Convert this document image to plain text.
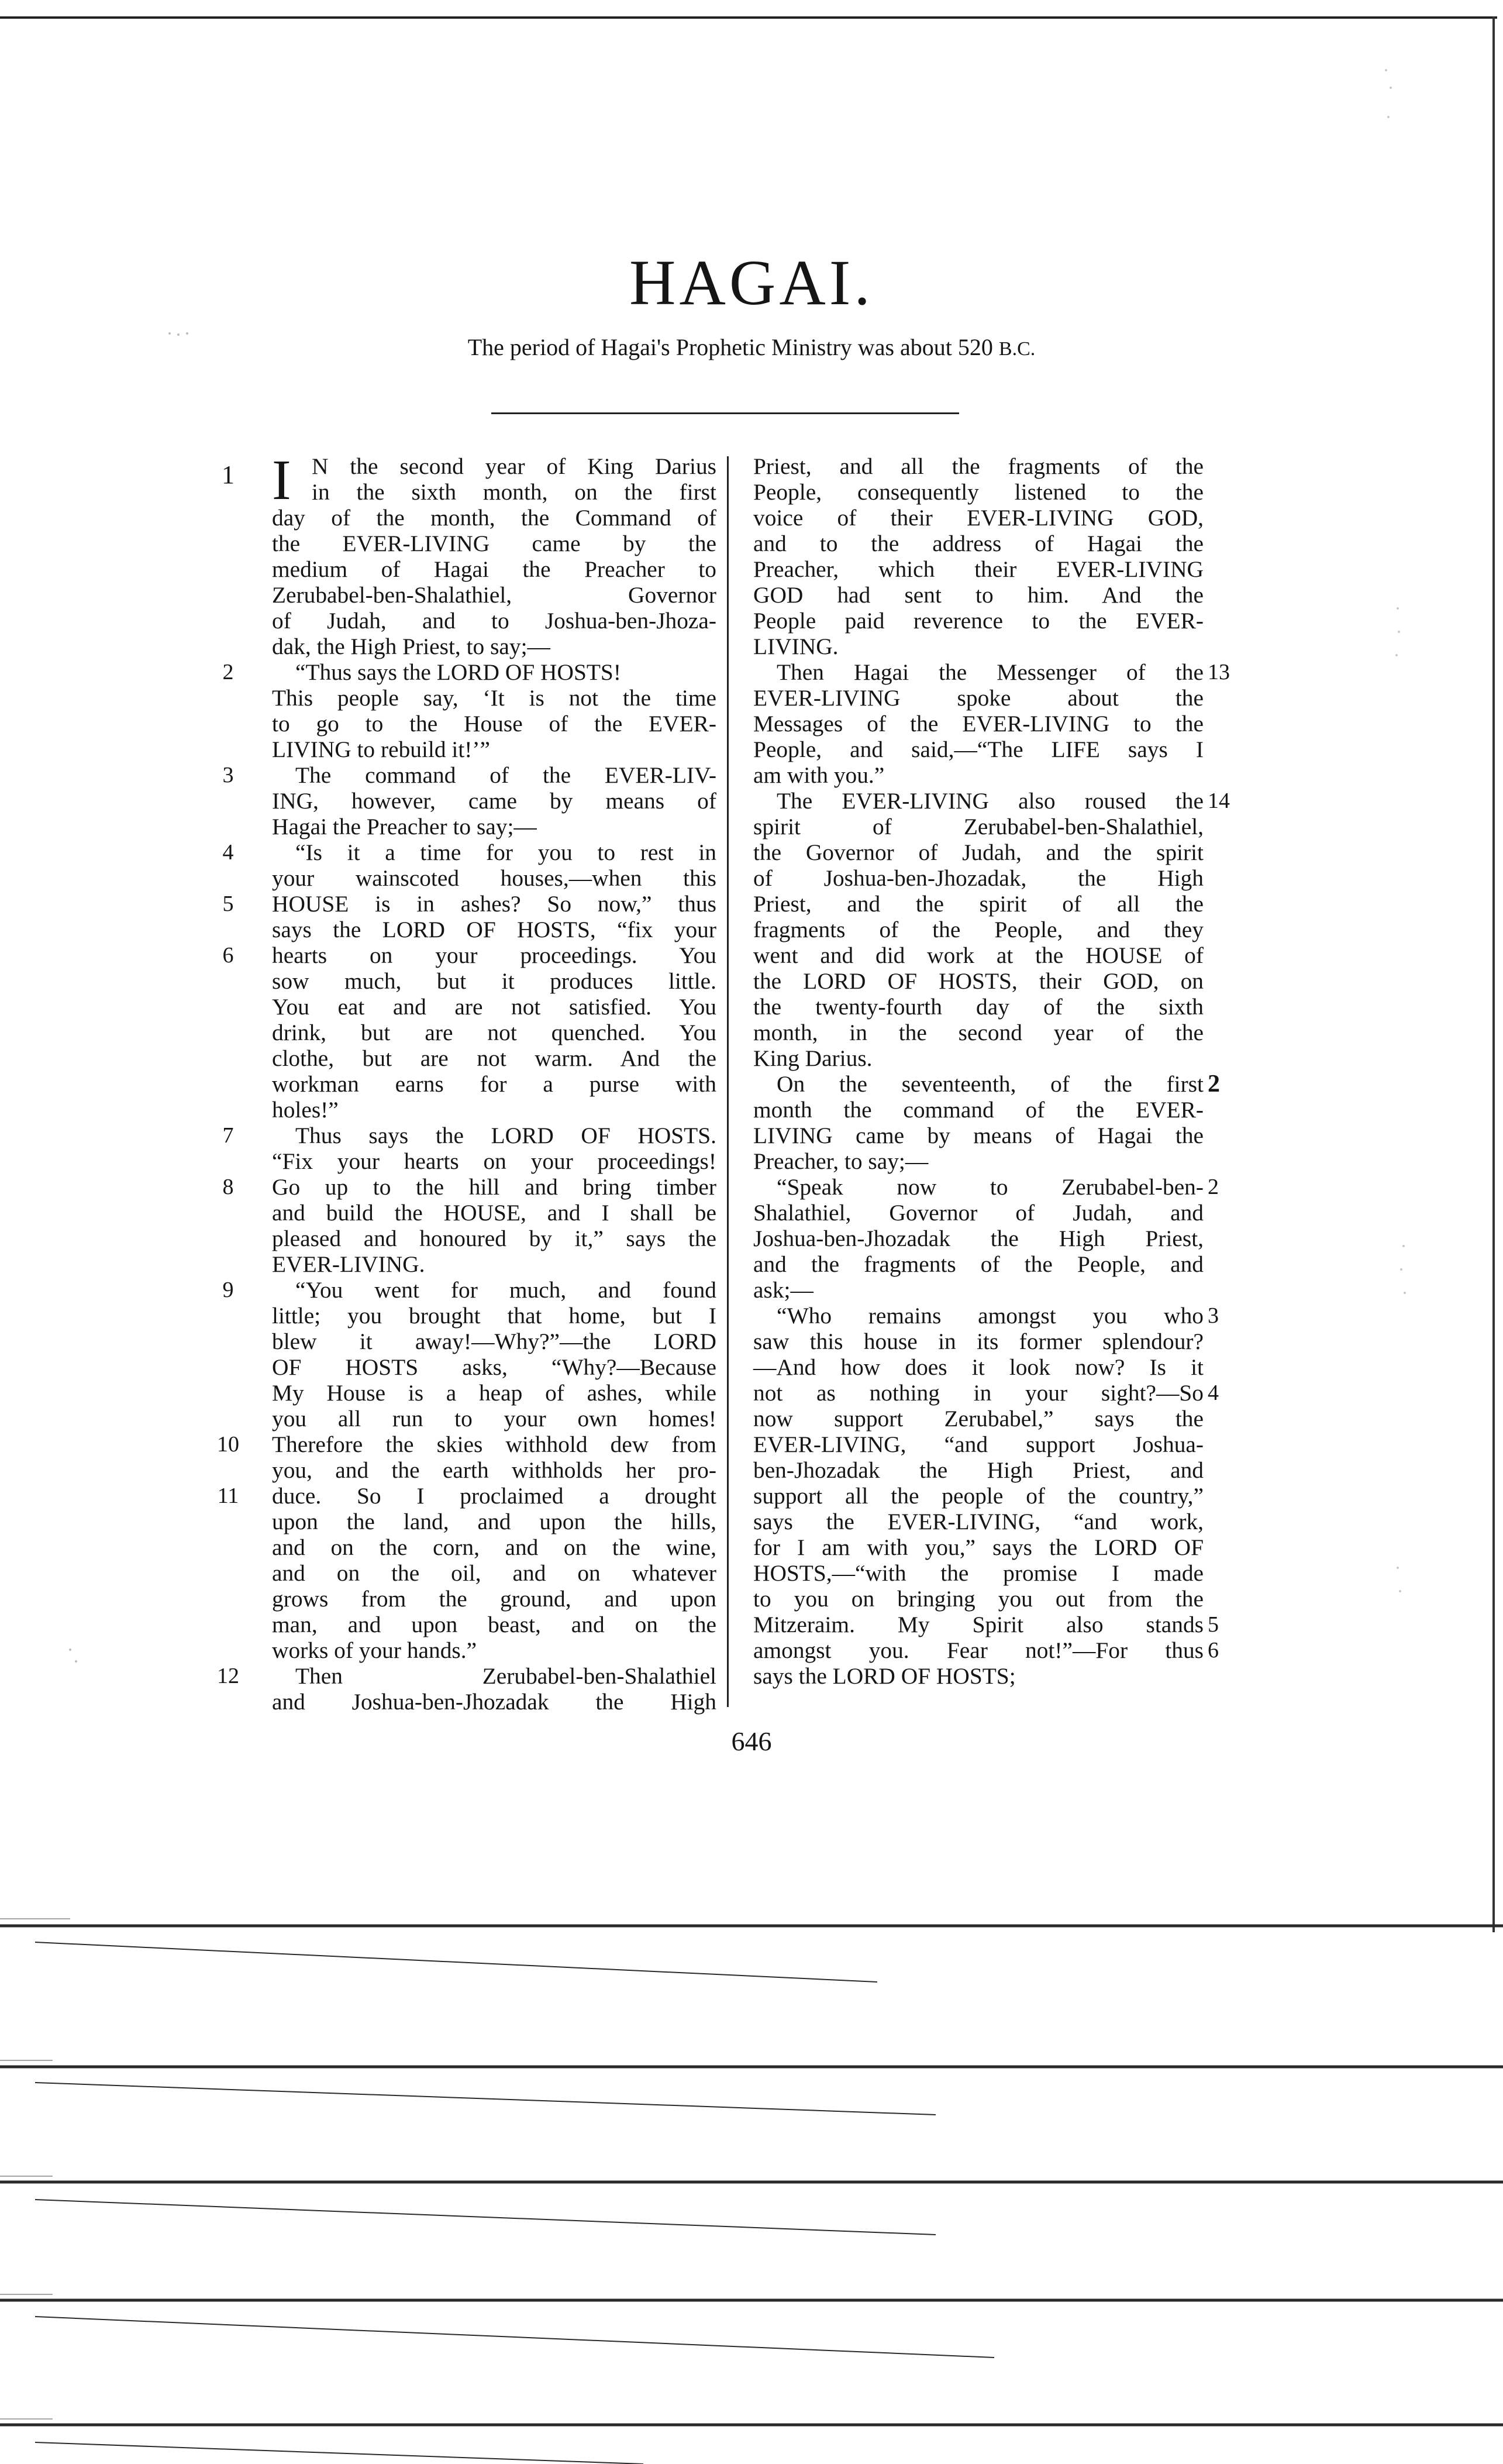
HAGAI.
The period of Hagai's Prophetic Ministry was about 520 B.C.
I N the second year of King Darius
in the sixth month, on the first
day of the month, the Command of
the EVER-LIVING came by the
medium of Hagai the Preacher to
Zerubabel-ben-Shalathiel, Governor
of Judah, and to Joshua-ben-Jhoza-
dak, the High Priest, to say;—
“Thus says the LORD OF HOSTS!
This people say, ‘It is not the time
to go to the House of the EVER-
LIVING to rebuild it!’”
The command of the EVER-LIV-
ING, however, came by means of
Hagai the Preacher to say;—
“Is it a time for you to rest in
your wainscoted houses,—when this
HOUSE is in ashes? So now,” thus
says the LORD OF HOSTS, “fix your
hearts on your proceedings. You
sow much, but it produces little.
You eat and are not satisfied. You
drink, but are not quenched. You
clothe, but are not warm. And the
workman earns for a purse with
holes!”
Thus says the LORD OF HOSTS.
“Fix your hearts on your proceedings!
Go up to the hill and bring timber
and build the HOUSE, and I shall be
pleased and honoured by it,” says the
EVER-LIVING.
“You went for much, and found
little; you brought that home, but I
blew it away!—Why?”—the LORD
OF HOSTS asks, “Why?—Because
My House is a heap of ashes, while
you all run to your own homes!
Therefore the skies withhold dew from
you, and the earth withholds her pro-
duce. So I proclaimed a drought
upon the land, and upon the hills,
and on the corn, and on the wine,
and on the oil, and on whatever
grows from the ground, and upon
man, and upon beast, and on the
works of your hands.”
Then Zerubabel-ben-Shalathiel
and Joshua-ben-Jhozadak the High
1
2
3
4
5
6
7
8
9
10
11
12
Priest, and all the fragments of the
People, consequently listened to the
voice of their EVER-LIVING GOD,
and to the address of Hagai the
Preacher, which their EVER-LIVING
GOD had sent to him. And the
People paid reverence to the EVER-
LIVING.
Then Hagai the Messenger of the
EVER-LIVING spoke about the
Messages of the EVER-LIVING to the
People, and said,—“The LIFE says I
am with you.”
The EVER-LIVING also roused the
spirit of Zerubabel-ben-Shalathiel,
the Governor of Judah, and the spirit
of Joshua-ben-Jhozadak, the High
Priest, and the spirit of all the
fragments of the People, and they
went and did work at the HOUSE of
the LORD OF HOSTS, their GOD, on
the twenty-fourth day of the sixth
month, in the second year of the
King Darius.
On the seventeenth, of the first
month the command of the EVER-
LIVING came by means of Hagai the
Preacher, to say;—
“Speak now to Zerubabel-ben-
Shalathiel, Governor of Judah, and
Joshua-ben-Jhozadak the High Priest,
and the fragments of the People, and
ask;—
“Who remains amongst you who
saw this house in its former splendour?
—And how does it look now? Is it
not as nothing in your sight?—So
now support Zerubabel,” says the
EVER-LIVING, “and support Joshua-
ben-Jhozadak the High Priest, and
support all the people of the country,”
says the EVER-LIVING, “and work,
for I am with you,” says the LORD OF
HOSTS,—“with the promise I made
to you on bringing you out from the
Mitzeraim. My Spirit also stands
amongst you. Fear not!”—For thus
says the LORD OF HOSTS;
13
14
2
2
3
4
5
6
646
